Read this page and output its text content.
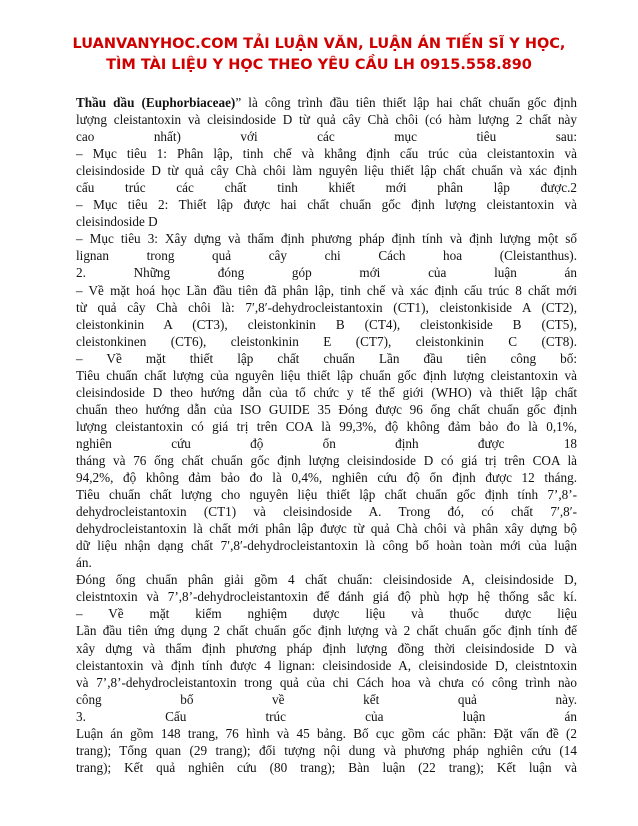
LUANVANYHOC.COM TẢI LUẬN VĂN, LUẬN ÁN TIẾN SĨ Y HỌC,
TÌM TÀI LIỆU Y HỌC THEO YÊU CẦU LH 0915.558.890
Thầu dầu (Euphorbiaceae)” là công trình đầu tiên thiết lập hai chất chuẩn gốc định
lượng cleistantoxin và cleisindoside D từ quả cây Chà chôi (có hàm lượng 2 chất này
cao nhất) với các mục tiêu sau:
– Mục tiêu 1: Phân lập, tinh chế và khẳng định cấu trúc của cleistantoxin và
cleisindoside D từ quả cây Chà chôi làm nguyên liệu thiết lập chất chuẩn và xác định
cấu trúc các chất tinh khiết mới phân lập được.2
– Mục tiêu 2: Thiết lập được hai chất chuẩn gốc định lượng cleistantoxin và
cleisindoside D
– Mục tiêu 3: Xây dựng và thẩm định phương pháp định tính và định lượng một số
lignan trong quả cây chi Cách hoa (Cleistanthus).
2. Những đóng góp mới của luận án
– Về mặt hoá học Lần đầu tiên đã phân lập, tinh chế và xác định cấu trúc 8 chất mới
từ quả cây Chà chôi là: 7′,8′-dehydrocleistantoxin (CT1), cleistonkiside A (CT2),
cleistonkinin A (CT3), cleistonkinin B (CT4), cleistonkiside B (CT5),
cleistonkinen (CT6), cleistonkinin E (CT7), cleistonkinin C (CT8).
– Về mặt thiết lập chất chuẩn Lần đầu tiên công bố:
Tiêu chuẩn chất lượng của nguyên liệu thiết lập chuẩn gốc định lượng cleistantoxin và
cleisindoside D theo hướng dẫn của tổ chức y tế thế giới (WHO) và thiết lập chất
chuẩn theo hướng dẫn của ISO GUIDE 35 Đóng được 96 ống chất chuẩn gốc định
lượng cleistantoxin có giá trị trên COA là 99,3%, độ không đảm bảo đo là 0,1%,
nghiên cứu độ ổn định được 18
tháng và 76 ống chất chuẩn gốc định lượng cleisindoside D có giá trị trên COA là
94,2%, độ không đảm bảo đo là 0,4%, nghiên cứu độ ổn định được 12 tháng.
Tiêu chuẩn chất lượng cho nguyên liệu thiết lập chất chuẩn gốc định tính 7’,8’-
dehydrocleistantoxin (CT1) và cleisindoside A. Trong đó, có chất 7′,8′-
dehydrocleistantoxin là chất mới phân lập được từ quả Chà chôi và phân xây dựng bộ
dữ liệu nhận dạng chất 7′,8′-dehydrocleistantoxin là công bố hoàn toàn mới của luận
án.
Đóng ống chuẩn phân giải gồm 4 chất chuẩn: cleisindoside A, cleisindoside D,
cleistntoxin và 7’,8’-dehydrocleistantoxin để đánh giá độ phù hợp hệ thống sắc kí.
– Về mặt kiểm nghiệm dược liệu và thuốc dược liệu
Lần đầu tiên ứng dụng 2 chất chuẩn gốc định lượng và 2 chất chuẩn gốc định tính để
xây dựng và thẩm định phương pháp định lượng đồng thời cleisindoside D và
cleistantoxin và định tính được 4 lignan: cleisindoside A, cleisindoside D, cleistntoxin
và 7’,8’-dehydrocleistantoxin trong quả của chi Cách hoa và chưa có công trình nào
công bố về kết quả này.
3. Cấu trúc của luận án
Luận án gồm 148 trang, 76 hình và 45 bảng. Bố cục gồm các phần: Đặt vấn đề (2
trang); Tổng quan (29 trang); đối tượng nội dung và phương pháp nghiên cứu (14
trang); Kết quả nghiên cứu (80 trang); Bàn luận (22 trang); Kết luận và
